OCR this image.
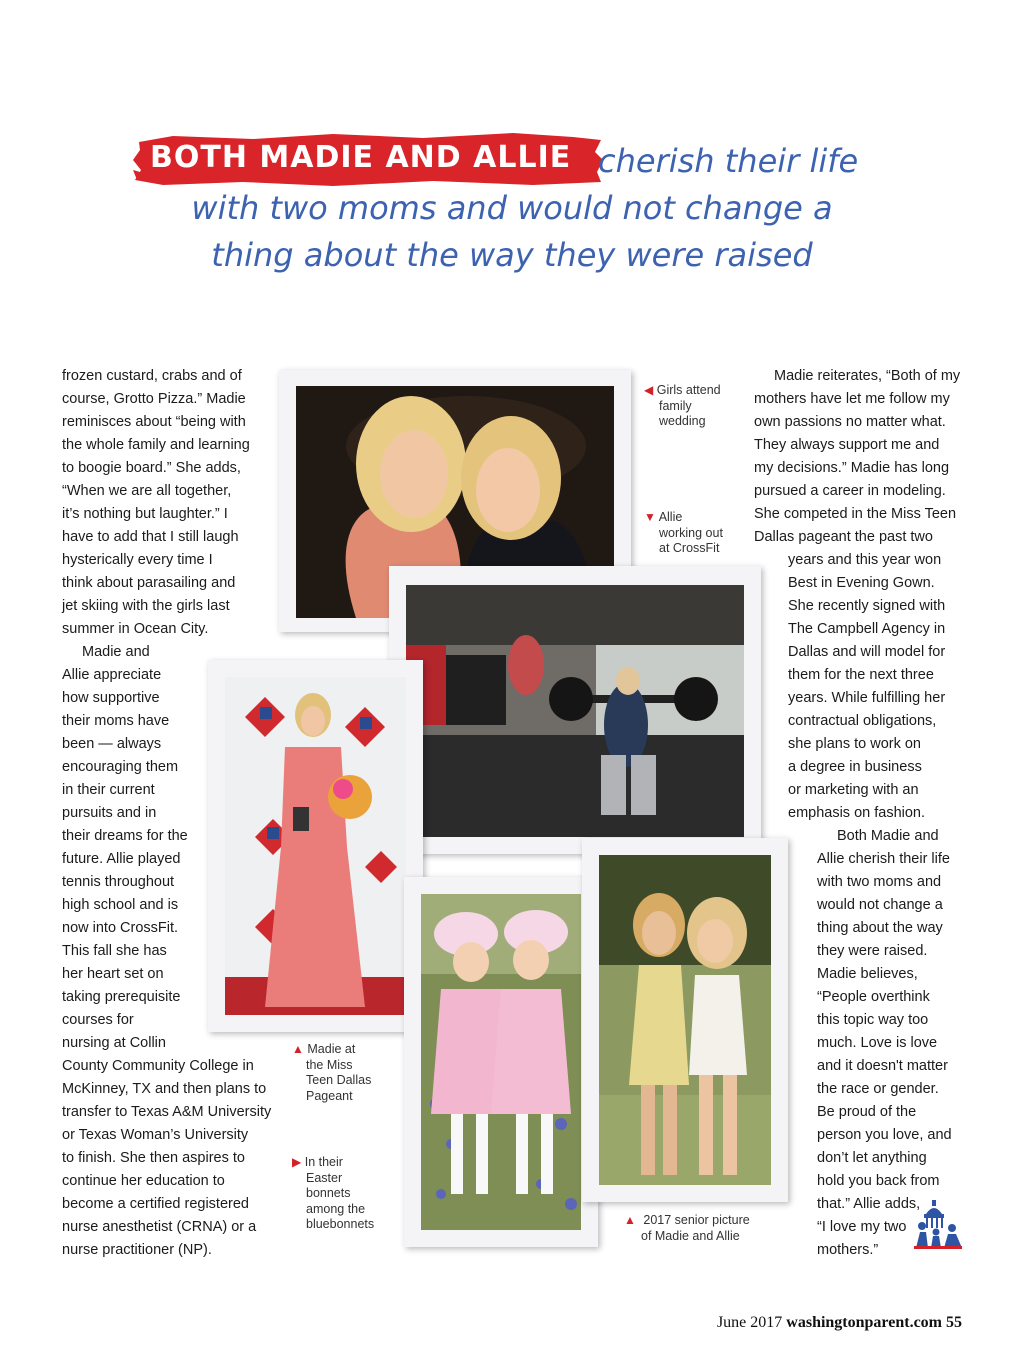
BOTH MADIE AND ALLIE cherish their life
with two moms and would not change a
thing about the way they were raised
frozen custard, crabs and of
course, Grotto Pizza.” Madie
reminisces about “being with
the whole family and learning
to boogie board.” She adds,
“When we are all together,
it’s nothing but laughter.” I
have to add that I still laugh
hysterically every time I
think about parasailing and
jet skiing with the girls last
summer in Ocean City.
Madie and
Allie appreciate
how supportive
their moms have
been — always
encouraging them
in their current
pursuits and in
their dreams for the
future. Allie played
tennis throughout
high school and is
now into CrossFit.
This fall she has
her heart set on
taking prerequisite
courses for
nursing at Collin
County Community College in
McKinney, TX and then plans to
transfer to Texas A&M University
or Texas Woman’s University
to finish. She then aspires to
continue her education to
become a certified registered
nurse anesthetist (CRNA) or a
nurse practitioner (NP).
Madie reiterates, “Both of my
mothers have let me follow my
own passions no matter what.
They always support me and
my decisions.” Madie has long
pursued a career in modeling.
She competed in the Miss Teen
Dallas pageant the past two
years and this year won
Best in Evening Gown.
She recently signed with
The Campbell Agency in
Dallas and will model for
them for the next three
years. While fulfilling her
contractual obligations,
she plans to work on
a degree in business
or marketing with an
emphasis on fashion.
Both Madie and
Allie cherish their life
with two moms and
would not change a
thing about the way
they were raised.
Madie believes,
“People overthink
this topic way too
much. Love is love
and it doesn't matter
the race or gender.
Be proud of the
person you love, and
don’t let anything
hold you back from
that.” Allie adds,
“I love my two
mothers.”
◀ Girls attend
family
wedding
▼ Allie
working out
at CrossFit
▲ Madie at
the Miss
Teen Dallas
Pageant
▶ In their
Easter
bonnets
among the
bluebonnets	▲ 2017 senior picture
of Madie and Allie
June 2017 washingtonparent.com 55
